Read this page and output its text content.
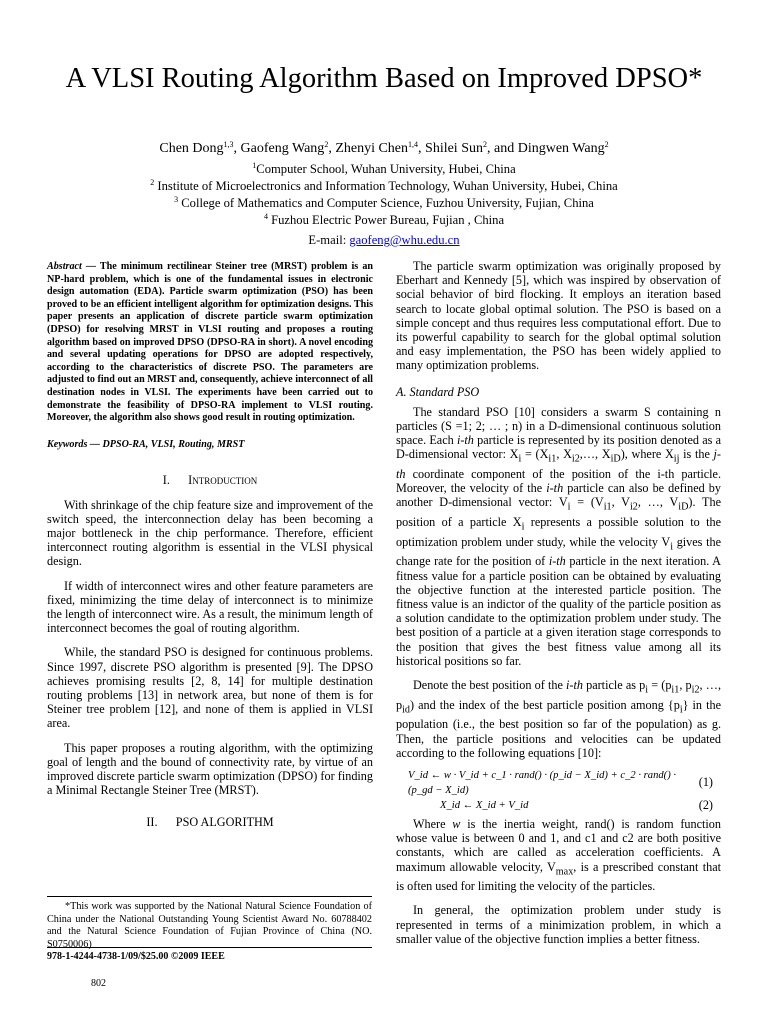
A VLSI Routing Algorithm Based on Improved DPSO*
Chen Dong$^{1,3}$, Gaofeng Wang$^2$, Zhenyi Chen$^{1,4}$, Shilei Sun$^2$, and Dingwen Wang$^2$
$^1$Computer School, Wuhan University, Hubei, China
$^2$ Institute of Microelectronics and Information Technology, Wuhan University, Hubei, China
$^3$ College of Mathematics and Computer Science, Fuzhou University, Fujian, China
$^4$ Fuzhou Electric Power Bureau, Fujian , China
E-mail: gaofeng@whu.edu.cn
Abstract — The minimum rectilinear Steiner tree (MRST) problem is an NP-hard problem, which is one of the fundamental issues in electronic design automation (EDA). Particle swarm optimization (PSO) has been proved to be an efficient intelligent algorithm for optimization designs. This paper presents an application of discrete particle swarm optimization (DPSO) for resolving MRST in VLSI routing and proposes a routing algorithm based on improved DPSO (DPSO-RA in short). A novel encoding and several updating operations for DPSO are adopted respectively, according to the characteristics of discrete PSO. The parameters are adjusted to find out an MRST and, consequently, achieve interconnect of all destination nodes in VLSI. The experiments have been carried out to demonstrate the feasibility of DPSO-RA implement to VLSI routing. Moreover, the algorithm also shows good result in routing optimization.
Keywords — DPSO-RA, VLSI, Routing, MRST
I. Introduction

With shrinkage of the chip feature size and improvement of the switch speed, the interconnection delay has been becoming a major bottleneck in the chip performance. Therefore, efficient interconnect routing algorithm is essential in the VLSI physical design.

If width of interconnect wires and other feature parameters are fixed, minimizing the time delay of interconnect is to minimize the length of interconnect wire. As a result, the minimum length of interconnect becomes the goal of routing algorithm.

While, the standard PSO is designed for continuous problems. Since 1997, discrete PSO algorithm is presented [9]. The DPSO achieves promising results [2, 8, 14] for multiple destination routing problems [13] in network area, but none of them is for Steiner tree problem [12], and none of them is applied in VLSI area.

This paper proposes a routing algorithm, with the optimizing goal of length and the bound of connectivity rate, by virtue of an improved discrete particle swarm optimization (DPSO) for finding a Minimal Rectangle Steiner Tree (MRST).

II. PSO ALGORITHM
*This work was supported by the National Natural Science Foundation of China under the National Outstanding Young Scientist Award No. 60788402 and the Natural Science Foundation of Fujian Province of China (NO. S0750006)
978-1-4244-4738-1/09/$25.00 ©2009 IEEE
802

The particle swarm optimization was originally proposed by Eberhart and Kennedy [5], which was inspired by observation of social behavior of bird flocking. It employs an iteration based search to locate global optimal solution. The PSO is based on a simple concept and thus requires less computational effort. Due to its powerful capability to search for the global optimal solution and easy implementation, the PSO has been widely applied to many optimization problems.

A. Standard PSO

The standard PSO [10] considers a swarm S containing n particles (S =1; 2; … ; n) in a D-dimensional continuous solution space. Each i-th particle is represented by its position denoted as a D-dimensional vector: $X_i = (X_{i1}$, $X_{i2},\dots$, $X_{iD}$), where $X_{ij}$ is the j-th coordinate component of the position of the i-th particle. Moreover, the velocity of the i-th particle can also be defined by another D-dimensional vector: $V_i = (V_{i1}$, $V_{i2}$, …, $V_{iD}$). The position of a particle $X_i$ represents a possible solution to the optimization problem under study, while the velocity $V_i$ gives the change rate for the position of i-th particle in the next iteration. A fitness value for a particle position can be obtained by evaluating the objective function at the interested particle position. The fitness value is an indictor of the quality of the particle position as a solution candidate to the optimization problem under study. The best position of a particle at a given iteration stage corresponds to the position that gives the best fitness value among all its historical positions so far.

Denote the best position of the i-th particle as $p_i = (p_{i1}$, $p_{i2}$, …, $p_{id}$) and the index of the best particle position among $\{p_i\}$ in the population (i.e., the best position so far of the population) as g. Then, the particle positions and velocities can be updated according to the following equations [10]:

V_id ← w · V_id + c_1 · rand() · (p_id − X_id) + c_2 · rand() · (p_gd − X_id)
(1)
X_id ← X_id + V_id	(2)

Where w is the inertia weight, rand() is random function whose value is between 0 and 1, and c1 and c2 are both positive constants, which are called as acceleration coefficients. A maximum allowable velocity, $V_{max}$, is a prescribed constant that is often used for limiting the velocity of the particles.

In general, the optimization problem under study is represented in terms of a minimization problem, in which a smaller value of the objective function implies a better fitness.
